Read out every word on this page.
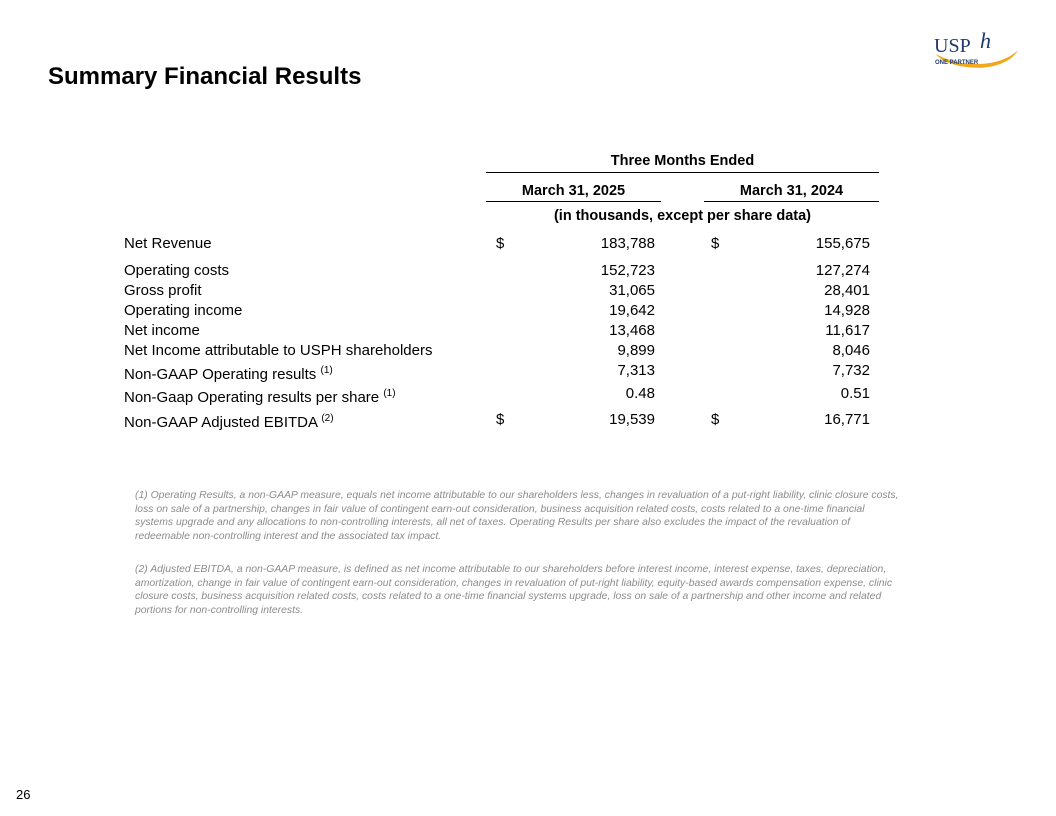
Summary Financial Results
USP h
ONE PARTNER
Three Months Ended
March 31, 2025	March 31, 2024
(in thousands, except per share data)
Net Revenue	$	183,788	$	155,675
Operating costs	152,723	127,274
Gross profit	31,065	28,401
Operating income	19,642	14,928
Net income	13,468	11,617
Net Income attributable to USPH shareholders	9,899	8,046
Non-GAAP Operating results $^{(1)}$	7,313	7,732
Non-Gaap Operating results per share $^{(1)}$	0.48	0.51
Non-GAAP Adjusted EBITDA $^{(2)}$	$	19,539	$	16,771
(1) Operating Results, a non-GAAP measure, equals net income attributable to our shareholders less, changes in revaluation of a put-right liability, clinic closure costs, loss on sale of a partnership, changes in fair value of contingent earn-out consideration, business acquisition related costs, costs related to a one-time financial systems upgrade and any allocations to non-controlling interests, all net of taxes. Operating Results per share also excludes the impact of the revaluation of redeemable non-controlling interest and the associated tax impact.
(2) Adjusted EBITDA, a non-GAAP measure, is defined as net income attributable to our shareholders before interest income, interest expense, taxes, depreciation, amortization, change in fair value of contingent earn-out consideration, changes in revaluation of put-right liability, equity-based awards compensation expense, clinic closure costs, business acquisition related costs, costs related to a one-time financial systems upgrade, loss on sale of a partnership and other income and related portions for non-controlling interests.
26
